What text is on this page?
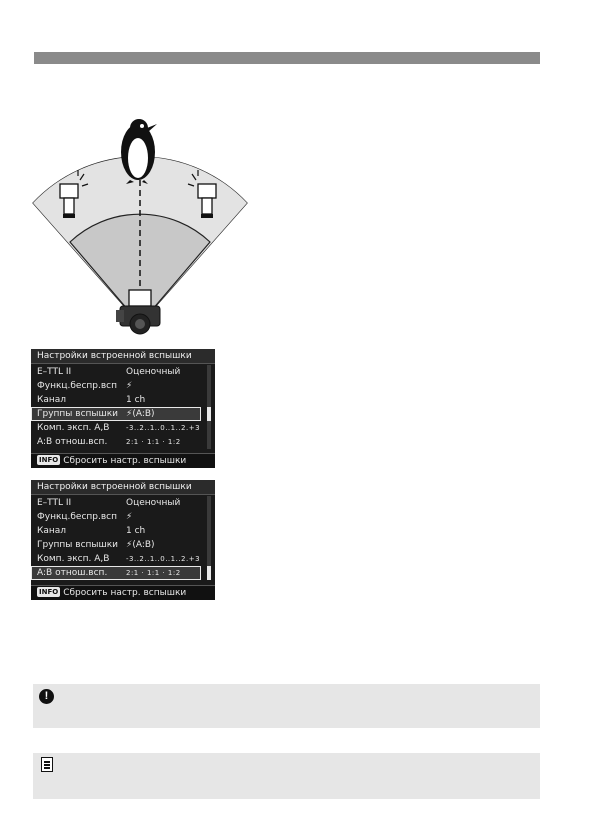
Настройки встроенной вспышки
E–TTL II	Оценочный
Функц.беспр.всп ⚡
Канал	1 ch
Группы вспышки ⚡(A:B)
Комп. эксп. А,В -3..2..1..0..1..2.+3
A:B отнош.всп.	2:1 · 1:1 · 1:2
INFO Сбросить настр. вспышки
Настройки встроенной вспышки
E–TTL II	Оценочный
Функц.беспр.всп ⚡
Канал	1 ch
Группы вспышки ⚡(A:B)
Комп. эксп. А,В -3..2..1..0..1..2.+3
A:B отнош.всп.	2:1 · 1:1 · 1:2
INFO Сбросить настр. вспышки
!
